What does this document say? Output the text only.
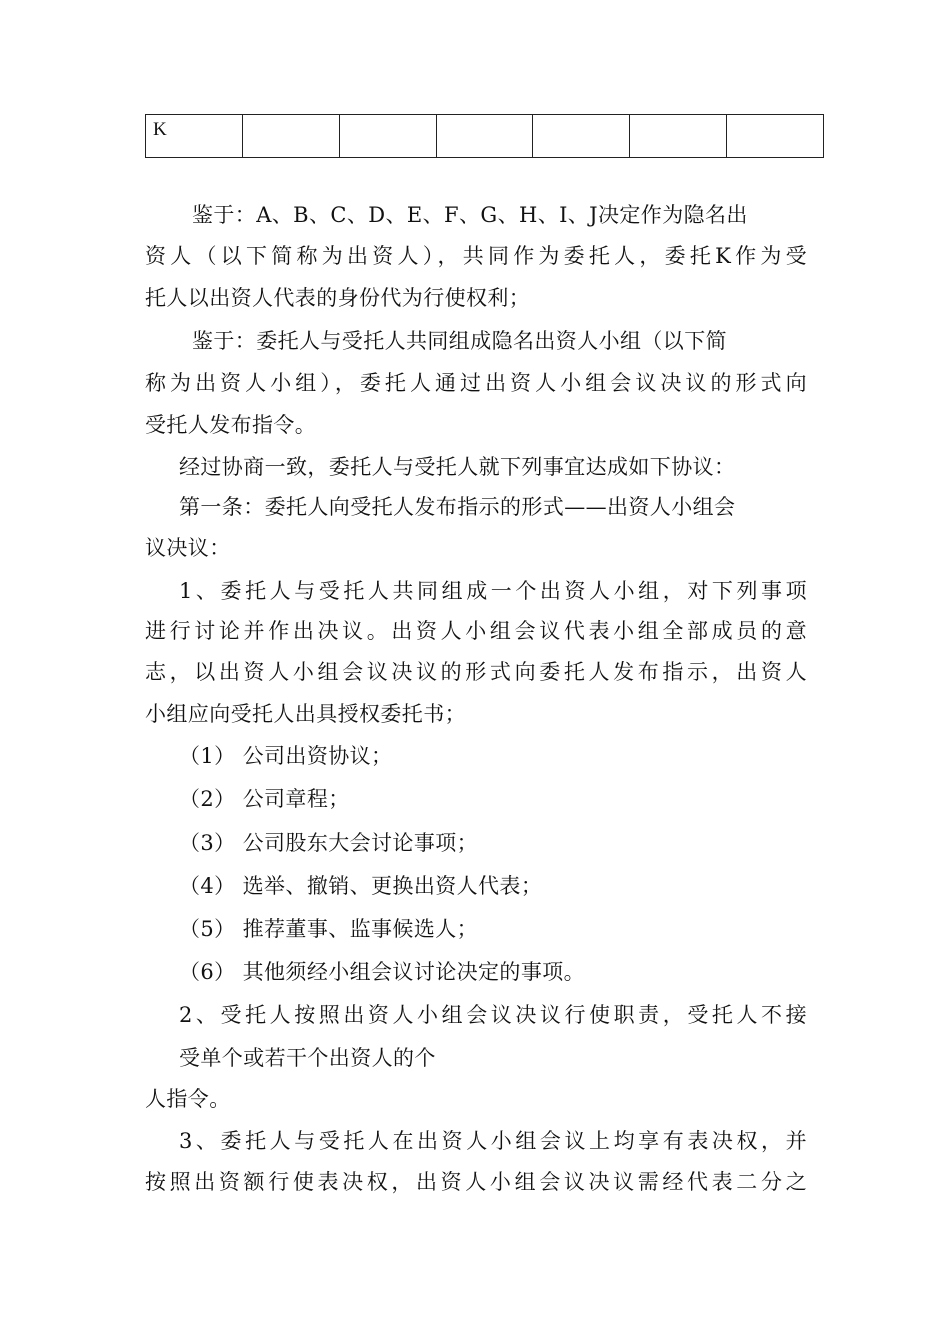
K						
鉴于：A、B、C、D、E、F、G、H、I、J决定作为隐名出
资人（以下简称为出资人），共同作为委托人，委托K作为受
托人以出资人代表的身份代为行使权利；
鉴于：委托人与受托人共同组成隐名出资人小组（以下简
称为出资人小组），委托人通过出资人小组会议决议的形式向
受托人发布指令。
经过协商一致，委托人与受托人就下列事宜达成如下协议：
第一条：委托人向受托人发布指示的形式——出资人小组会
议决议：
1、委托人与受托人共同组成一个出资人小组，对下列事项
进行讨论并作出决议。出资人小组会议代表小组全部成员的意
志，以出资人小组会议决议的形式向委托人发布指示，出资人
小组应向受托人出具授权委托书；
（1） 公司出资协议；
（2） 公司章程；
（3） 公司股东大会讨论事项；
（4） 选举、撤销、更换出资人代表；
（5） 推荐董事、监事候选人；
（6） 其他须经小组会议讨论决定的事项。
2、受托人按照出资人小组会议决议行使职责，受托人不接
受单个或若干个出资人的个
人指令。
3、委托人与受托人在出资人小组会议上均享有表决权，并
按照出资额行使表决权，出资人小组会议决议需经代表二分之
